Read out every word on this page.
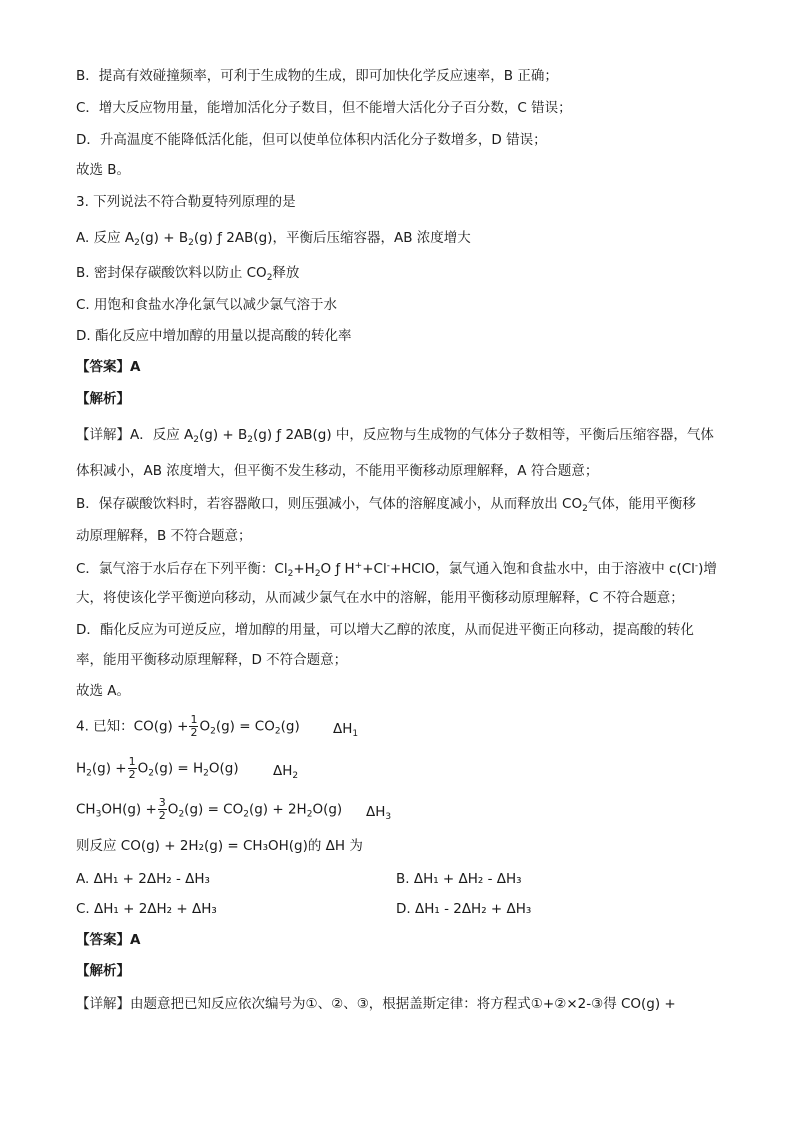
B．提高有效碰撞频率，可利于生成物的生成，即可加快化学反应速率，B 正确；
C．增大反应物用量，能增加活化分子数目，但不能增大活化分子百分数，C 错误；
D．升高温度不能降低活化能，但可以使单位体积内活化分子数增多，D 错误；
故选 B。
3. 下列说法不符合勒夏特列原理的是
A. 反应 $A_2(g) + B_2(g)$ ƒ 2AB(g)，平衡后压缩容器，AB 浓度增大
B. 密封保存碳酸饮料以防止 $CO_2$释放
C. 用饱和食盐水净化氯气以减少氯气溶于水
D. 酯化反应中增加醇的用量以提高酸的转化率
【答案】A
【解析】
【详解】A．反应 $A_2(g) + B_2(g)$ ƒ 2AB(g) 中，反应物与生成物的气体分子数相等，平衡后压缩容器，气体
体积减小，AB 浓度增大，但平衡不发生移动，不能用平衡移动原理解释，A 符合题意；
B．保存碳酸饮料时，若容器敞口，则压强减小，气体的溶解度减小，从而释放出 $CO_2$气体，能用平衡移
动原理解释，B 不符合题意；
C．氯气溶于水后存在下列平衡：$Cl_2+H_2O$ ƒ H++Cl-+HClO，氯气通入饱和食盐水中，由于溶液中 c(Cl-)增
大，将使该化学平衡逆向移动，从而减少氯气在水中的溶解，能用平衡移动原理解释，C 不符合题意；
D．酯化反应为可逆反应，增加醇的用量，可以增大乙醇的浓度，从而促进平衡正向移动，提高酸的转化
率，能用平衡移动原理解释，D 不符合题意；
故选 A。
4. 已知：$CO(g) + \frac{1}{2} O_2(g) = CO_2(g)$ $\Delta H_1$
$H_2(g) + \frac{1}{2} O_2(g) = H_2O(g)$	$\Delta H_2$
$CH_3OH(g) + \frac{3}{2} O_2(g) = CO_2(g) + 2H_2O(g)$ $\Delta H_3$
则反应 CO(g) + 2H₂(g) = CH₃OH(g)的 ΔH 为
A. ΔH₁ + 2ΔH₂ - ΔH₃	B. ΔH₁ + ΔH₂ - ΔH₃
C. ΔH₁ + 2ΔH₂ + ΔH₃	D. ΔH₁ - 2ΔH₂ + ΔH₃
【答案】A
【解析】
【详解】由题意把已知反应依次编号为①、②、③，根据盖斯定律：将方程式①+②×2-③得 CO(g) +
